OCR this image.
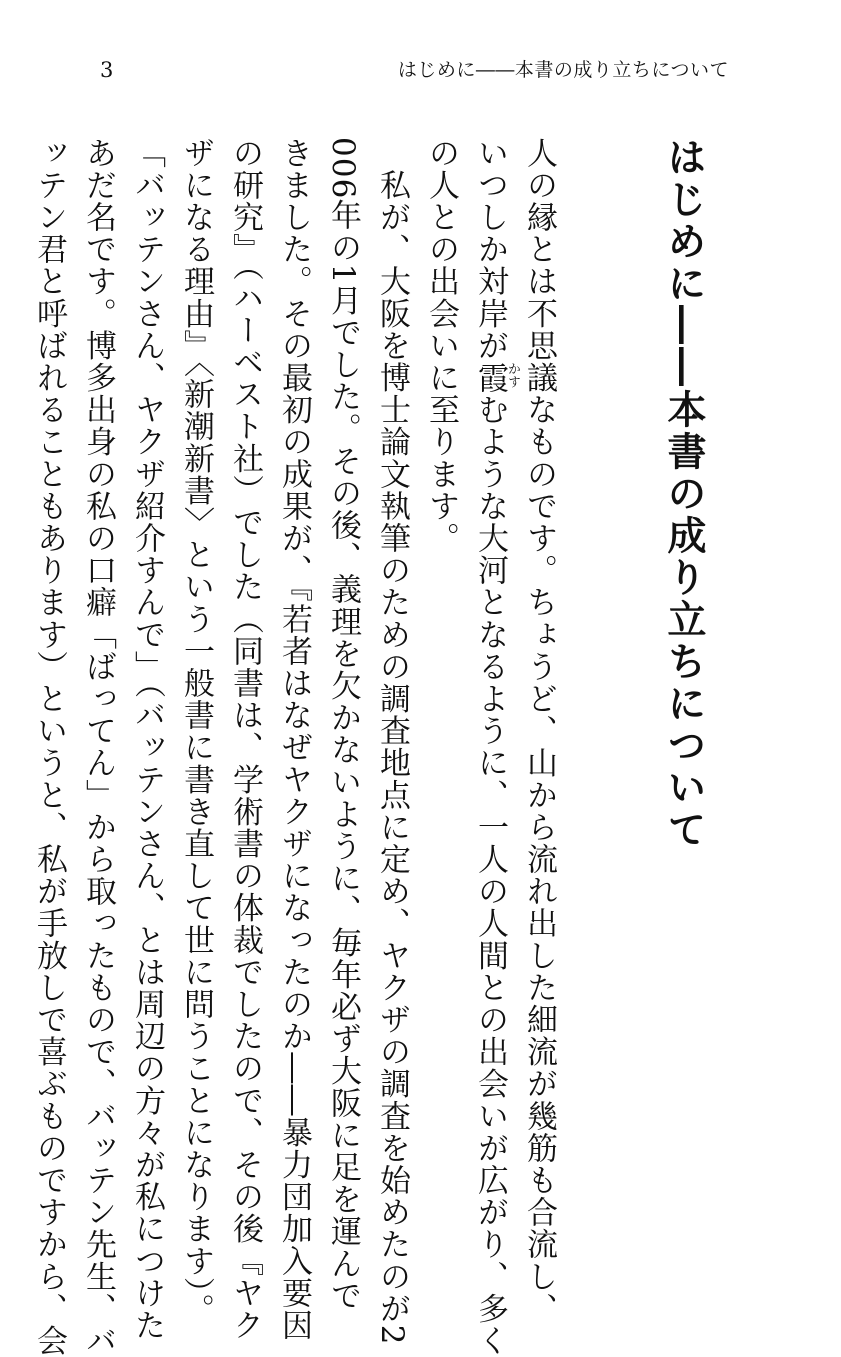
3	はじめに――本書の成り立ちについて
はじめに――本書の成り立ちについて
人の縁とは不思議なものです。ちょうど、山から流れ出した細流が幾筋も合流し、
いつしか対岸が霞
かす
むような大河となるように、一人の人間との出会いが広がり、多く
の人との出会いに至ります。
　私が、大阪を博士論文執筆のための調査地点に定め、ヤクザの調査を始めたのが2
006年の1月でした。その後、義理を欠かないように、毎年必ず大阪に足を運んで
きました。その最初の成果が、『若者はなぜヤクザになったのか――暴力団加入要因
の研究』（ハーベスト社）でした（同書は、学術書の体裁でしたので、その後『ヤク
ザになる理由』〈新潮新書〉という一般書に書き直して世に問うことになります）。
「バッテンさん、ヤクザ紹介すんで」（バッテンさん、とは周辺の方々が私につけた
あだ名です。博多出身の私の口癖「ばってん」から取ったもので、バッテン先生、バ
ッテン君と呼ばれることもあります）というと、私が手放しで喜ぶものですから、会
